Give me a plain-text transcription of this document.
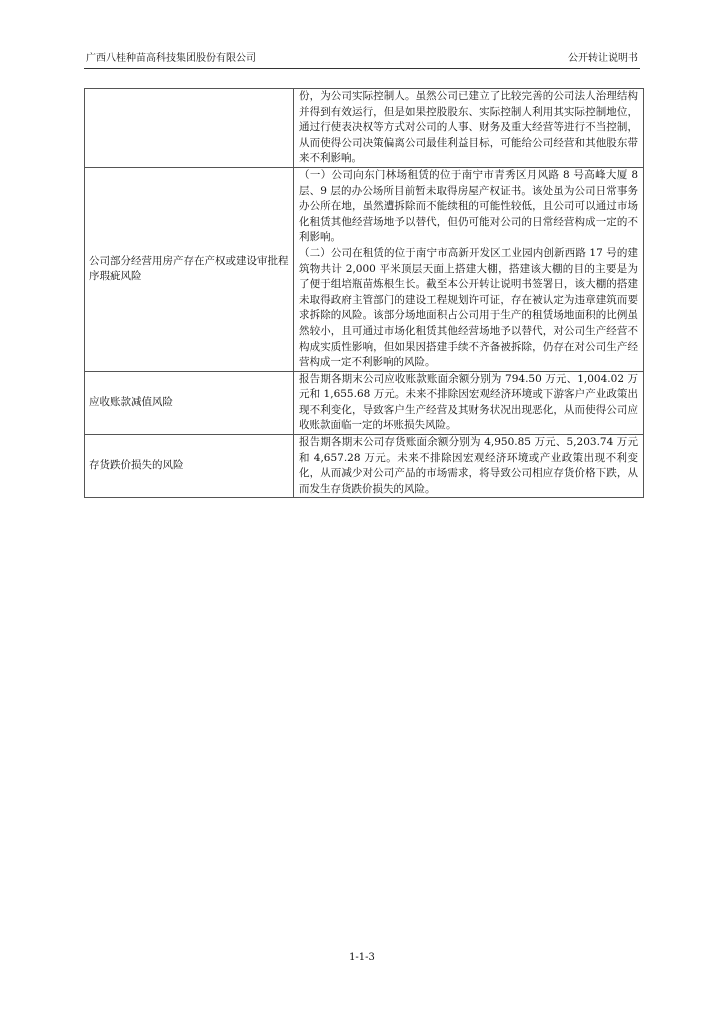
广西八桂种苗高科技集团股份有限公司	公开转让说明书

	份，为公司实际控制人。虽然公司已建立了比较完善的公司法人治理结构并得到有效运行，但是如果控股股东、实际控制人利用其实际控制地位，通过行使表决权等方式对公司的人事、财务及重大经营等进行不当控制，从而使得公司决策偏离公司最佳利益目标，可能给公司经营和其他股东带来不利影响。

公司部分经营用房产存在产权或建设审批程序瑕疵风险	（一）公司向东门林场租赁的位于南宁市青秀区月风路 8 号高峰大厦 8 层、9 层的办公场所目前暂未取得房屋产权证书。该处虽为公司日常事务办公所在地，虽然遭拆除而不能续租的可能性较低，且公司可以通过市场化租赁其他经营场地予以替代，但仍可能对公司的日常经营构成一定的不利影响。

（二）公司在租赁的位于南宁市高新开发区工业园内创新西路 17 号的建筑物共计 2,000 平米顶层天面上搭建大棚，搭建该大棚的目的主要是为了便于组培瓶苗炼根生长。截至本公开转让说明书签署日，该大棚的搭建未取得政府主管部门的建设工程规划许可证，存在被认定为违章建筑而要求拆除的风险。该部分场地面积占公司用于生产的租赁场地面积的比例虽然较小，且可通过市场化租赁其他经营场地予以替代，对公司生产经营不构成实质性影响，但如果因搭建手续不齐备被拆除，仍存在对公司生产经营构成一定不利影响的风险。

应收账款减值风险	报告期各期末公司应收账款账面余额分别为 794.50 万元、1,004.02 万元和 1,655.68 万元。未来不排除因宏观经济环境或下游客户产业政策出现不利变化，导致客户生产经营及其财务状况出现恶化，从而使得公司应收账款面临一定的坏账损失风险。

存货跌价损失的风险	报告期各期末公司存货账面余额分别为 4,950.85 万元、5,203.74 万元和 4,657.28 万元。未来不排除因宏观经济环境或产业政策出现不利变化，从而减少对公司产品的市场需求，将导致公司相应存货价格下跌，从而发生存货跌价损失的风险。

1-1-3
